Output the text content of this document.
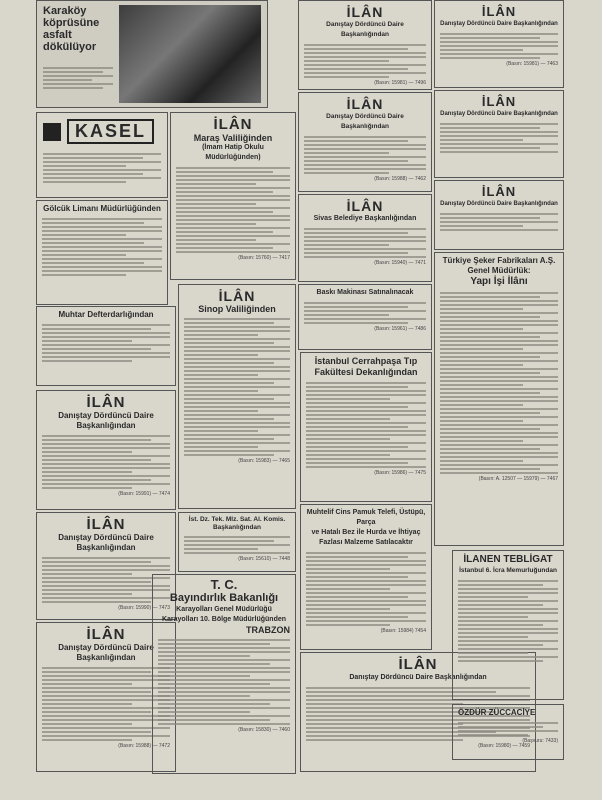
Karaköy
köprüsüne
asfalt
döküIüyor
KASEL
Gölcük Limanı Müdürlüğünden
Muhtar Defterdarlığından
İLÂN
Danıştay Dördüncü Daire Başkanlığından
(Basın: 15991) — 7474
İLÂN
Danıştay Dördüncü Daire Başkanlığından
(Basın: 15990) — 7473
İLÂN
Danıştay Dördüncü Daire Başkanlığından
(Basın: 15988) — 7472
İLÂN
Maraş Valiliğinden
(İmam Hatip Okulu Müdürlüğünden)
(Basın: 15760) — 7417
İLÂN
Sinop Valiliğinden
(Basın: 15983) — 7465
İst. Dz. Tek. Mlz. Sat. Al. Komis. Başkanlığından
(Basın: 15610) — 7448
T. C.
Bayındırlık Bakanlığı
Karayolları Genel Müdürlüğü
Karayolları 10. Bölge Müdürlüğünden
TRABZON
(Basın: 15830) — 7460
İLÂN
Danıştay Dördüncü Daire Başkanlığından
(Basın: 15981) — 7496
İLÂN
Danıştay Dördüncü Daire Başkanlığından
(Basın: 15988) — 7462
İLÂN
Sivas Belediye Başkanlığından
(Basın: 15940) — 7471
Baskı Makinası Satınalınacak
(Basın: 15961) — 7486
İstanbul Cerrahpaşa Tıp
Fakültesi Dekanlığından
(Basın: 15986) — 7475
Muhtelif Cins Pamuk Telefi, Üstüpü, Parça
ve Hatalı Bez ile Hurda ve İhtiyaç
Fazlası Malzeme Satılacaktır
(Basın: 15984) 7454
İLÂN
Danıştay Dördüncü Daire Başkanlığından
(Basın: 15980) — 7459
İLÂN
Danıştay Dördüncü Daire Başkanlığından
(Basın: 15981) — 7463
İLÂN
Danıştay Dördüncü Daire Başkanlığından
İLÂN
Danıştay Dördüncü Daire Başkanlığından
Türkiye Şeker Fabrikaları A.Ş.
Genel Müdürlük:
Yapı İşi İlânı
(Basın: A. 12507 — 15979) — 7467
İLANEN TEBLİGAT
İstanbul 6. İcra Memurluğundan
ÖZDÜR ZÜCCACİYE
(Başvuru: 7433)
